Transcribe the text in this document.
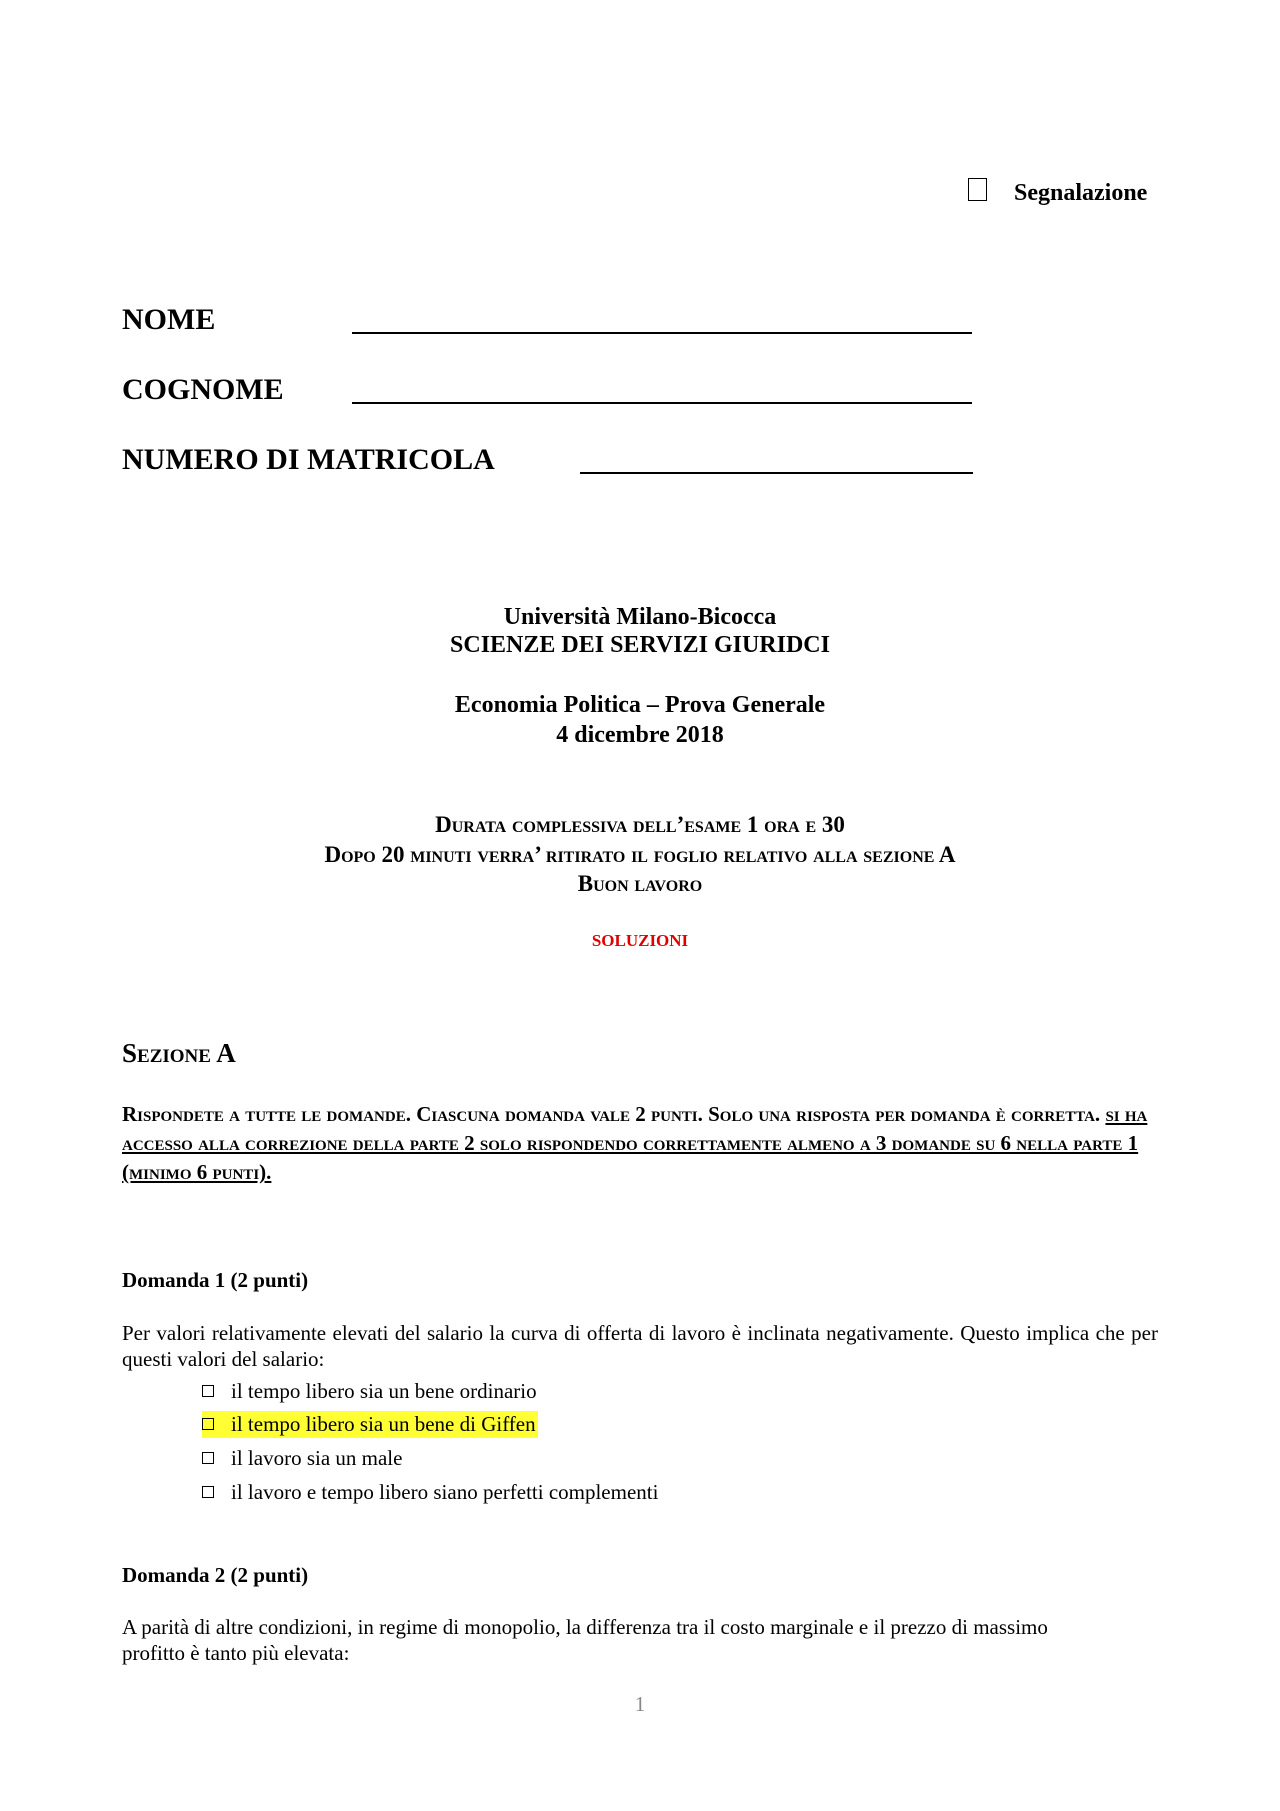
Segnalazione
NOME
COGNOME
NUMERO DI MATRICOLA
Università Milano-Bicocca
SCIENZE DEI SERVIZI GIURIDCI
Economia Politica – Prova Generale
4 dicembre 2018
Durata complessiva dell’esame 1 ora e 30
Dopo 20 minuti verra’ ritirato il foglio relativo alla sezione A
Buon lavoro
SOLUZIONI
Sezione A
Rispondete a tutte le domande. Ciascuna domanda vale 2 punti. Solo una risposta per domanda è corretta. si ha accesso alla correzione della parte 2 solo rispondendo correttamente almeno a 3 domande su 6 nella parte 1 (minimo 6 punti).
Domanda 1 (2 punti)
Per valori relativamente elevati del salario la curva di offerta di lavoro è inclinata negativamente. Questo implica che per questi valori del salario:
il tempo libero sia un bene ordinario
il tempo libero sia un bene di Giffen
il lavoro sia un male
il lavoro e tempo libero siano perfetti complementi
Domanda 2 (2 punti)
A parità di altre condizioni, in regime di monopolio, la differenza tra il costo marginale e il prezzo di massimo profitto è tanto più elevata:
1
